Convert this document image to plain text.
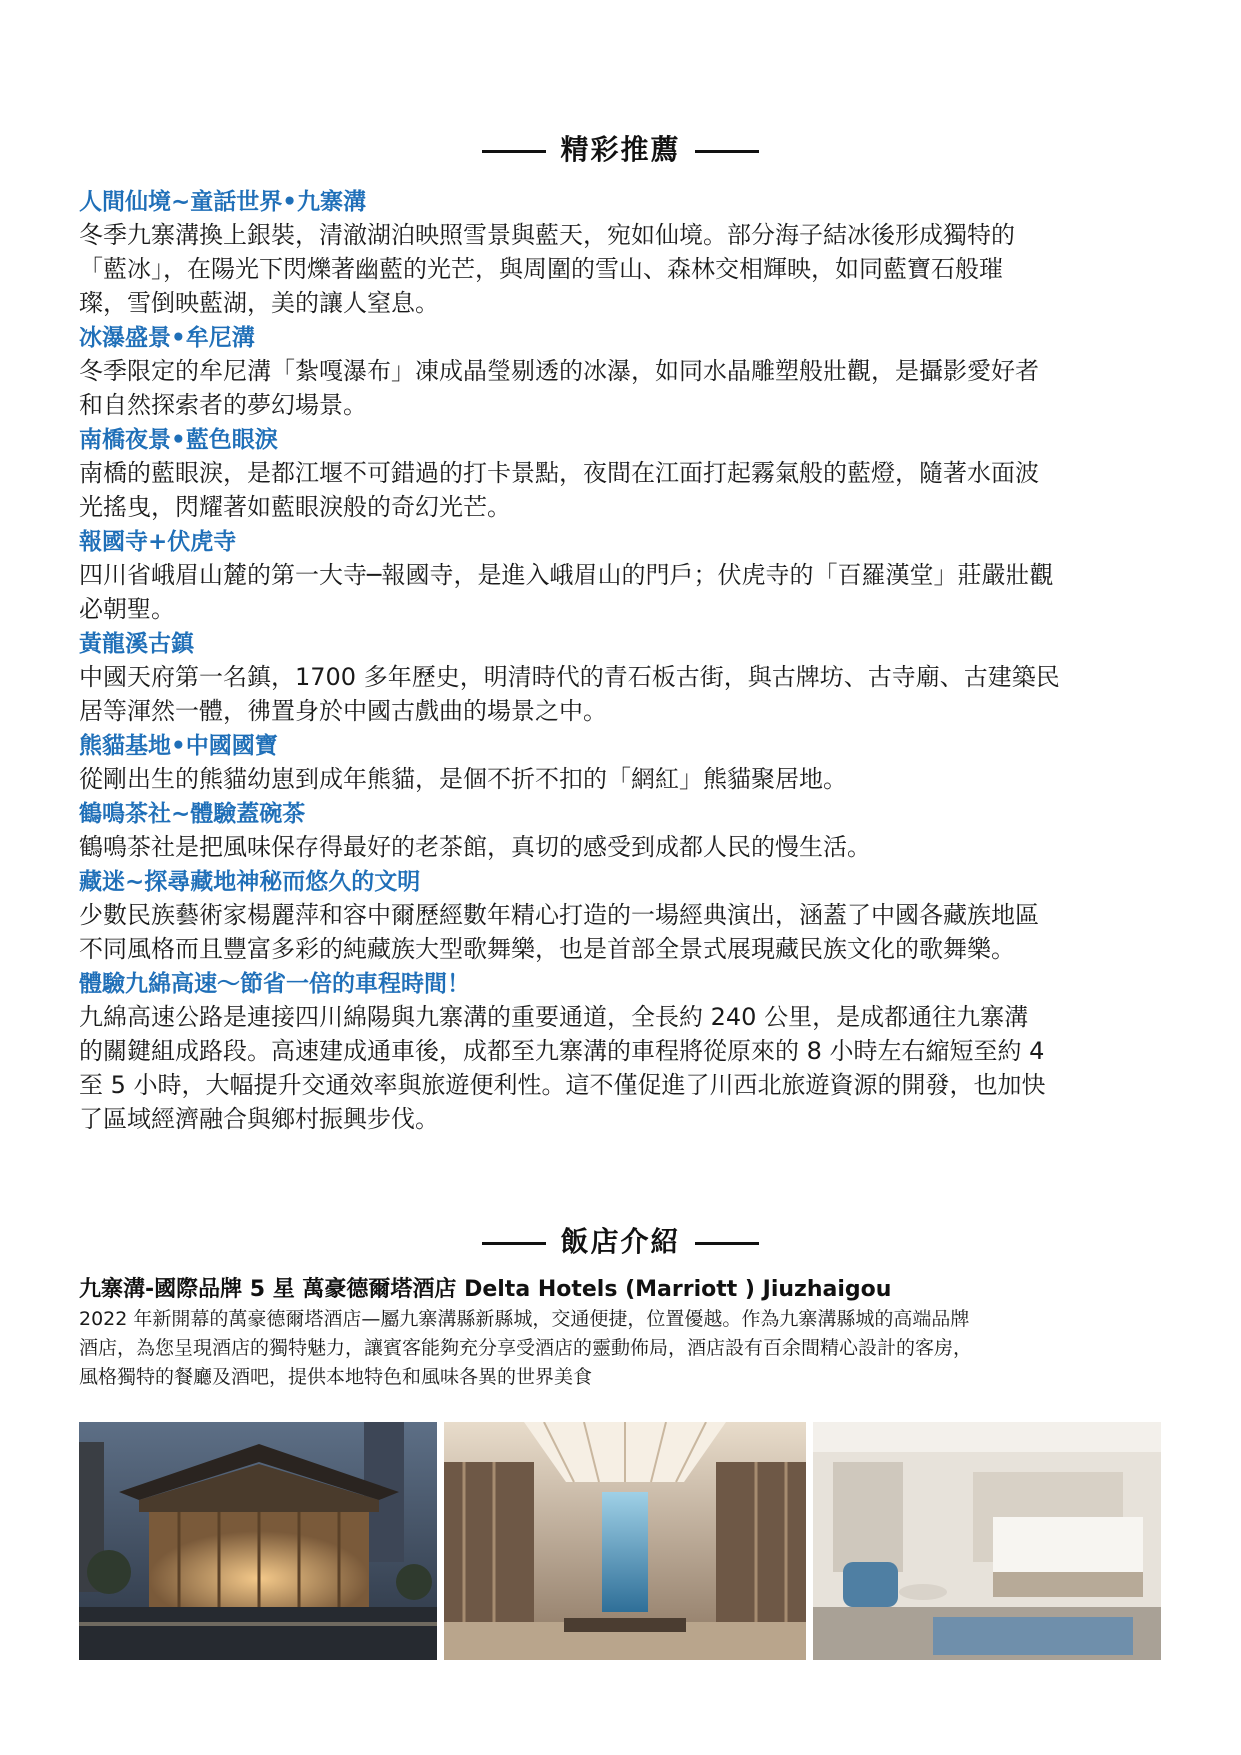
精彩推薦

人間仙境~童話世界•九寨溝

冬季九寨溝換上銀裝，清澈湖泊映照雪景與藍天，宛如仙境。部分海子結冰後形成獨特的
「藍冰」，在陽光下閃爍著幽藍的光芒，與周圍的雪山、森林交相輝映，如同藍寶石般璀
璨，雪倒映藍湖，美的讓人窒息。

冰瀑盛景•牟尼溝

冬季限定的牟尼溝「紮嘎瀑布」凍成晶瑩剔透的冰瀑，如同水晶雕塑般壯觀，是攝影愛好者
和自然探索者的夢幻場景。

南橋夜景•藍色眼淚

南橋的藍眼淚，是都江堰不可錯過的打卡景點，夜間在江面打起霧氣般的藍燈，隨著水面波
光搖曳，閃耀著如藍眼淚般的奇幻光芒。

報國寺+伏虎寺

四川省峨眉山麓的第一大寺─報國寺，是進入峨眉山的門戶；伏虎寺的「百羅漢堂」莊嚴壯觀
必朝聖。

黃龍溪古鎮

中國天府第一名鎮，1700 多年歷史，明清時代的青石板古街，與古牌坊、古寺廟、古建築民
居等渾然一體，彿置身於中國古戲曲的場景之中。

熊貓基地•中國國寶

從剛出生的熊貓幼崽到成年熊貓，是個不折不扣的「網紅」熊貓聚居地。

鶴鳴茶社~體驗蓋碗茶

鶴鳴茶社是把風味保存得最好的老茶館，真切的感受到成都人民的慢生活。

藏迷~探尋藏地神秘而悠久的文明

少數民族藝術家楊麗萍和容中爾歷經數年精心打造的一場經典演出，涵蓋了中國各藏族地區
不同風格而且豐富多彩的純藏族大型歌舞樂，也是首部全景式展現藏民族文化的歌舞樂。

體驗九綿高速～節省一倍的車程時間！

九綿高速公路是連接四川綿陽與九寨溝的重要通道，全長約 240 公里，是成都通往九寨溝
的關鍵組成路段。高速建成通車後，成都至九寨溝的車程將從原來的 8 小時左右縮短至約 4
至 5 小時，大幅提升交通效率與旅遊便利性。這不僅促進了川西北旅遊資源的開發，也加快
了區域經濟融合與鄉村振興步伐。

飯店介紹

九寨溝-國際品牌 5 星 萬豪德爾塔酒店 Delta Hotels (Marriott ) Jiuzhaigou

2022 年新開幕的萬豪德爾塔酒店—屬九寨溝縣新縣城，交通便捷，位置優越。作為九寨溝縣城的高端品牌
酒店，為您呈現酒店的獨特魅力，讓賓客能夠充分享受酒店的靈動佈局，酒店設有百余間精心設計的客房，
風格獨特的餐廳及酒吧，提供本地特色和風味各異的世界美食
